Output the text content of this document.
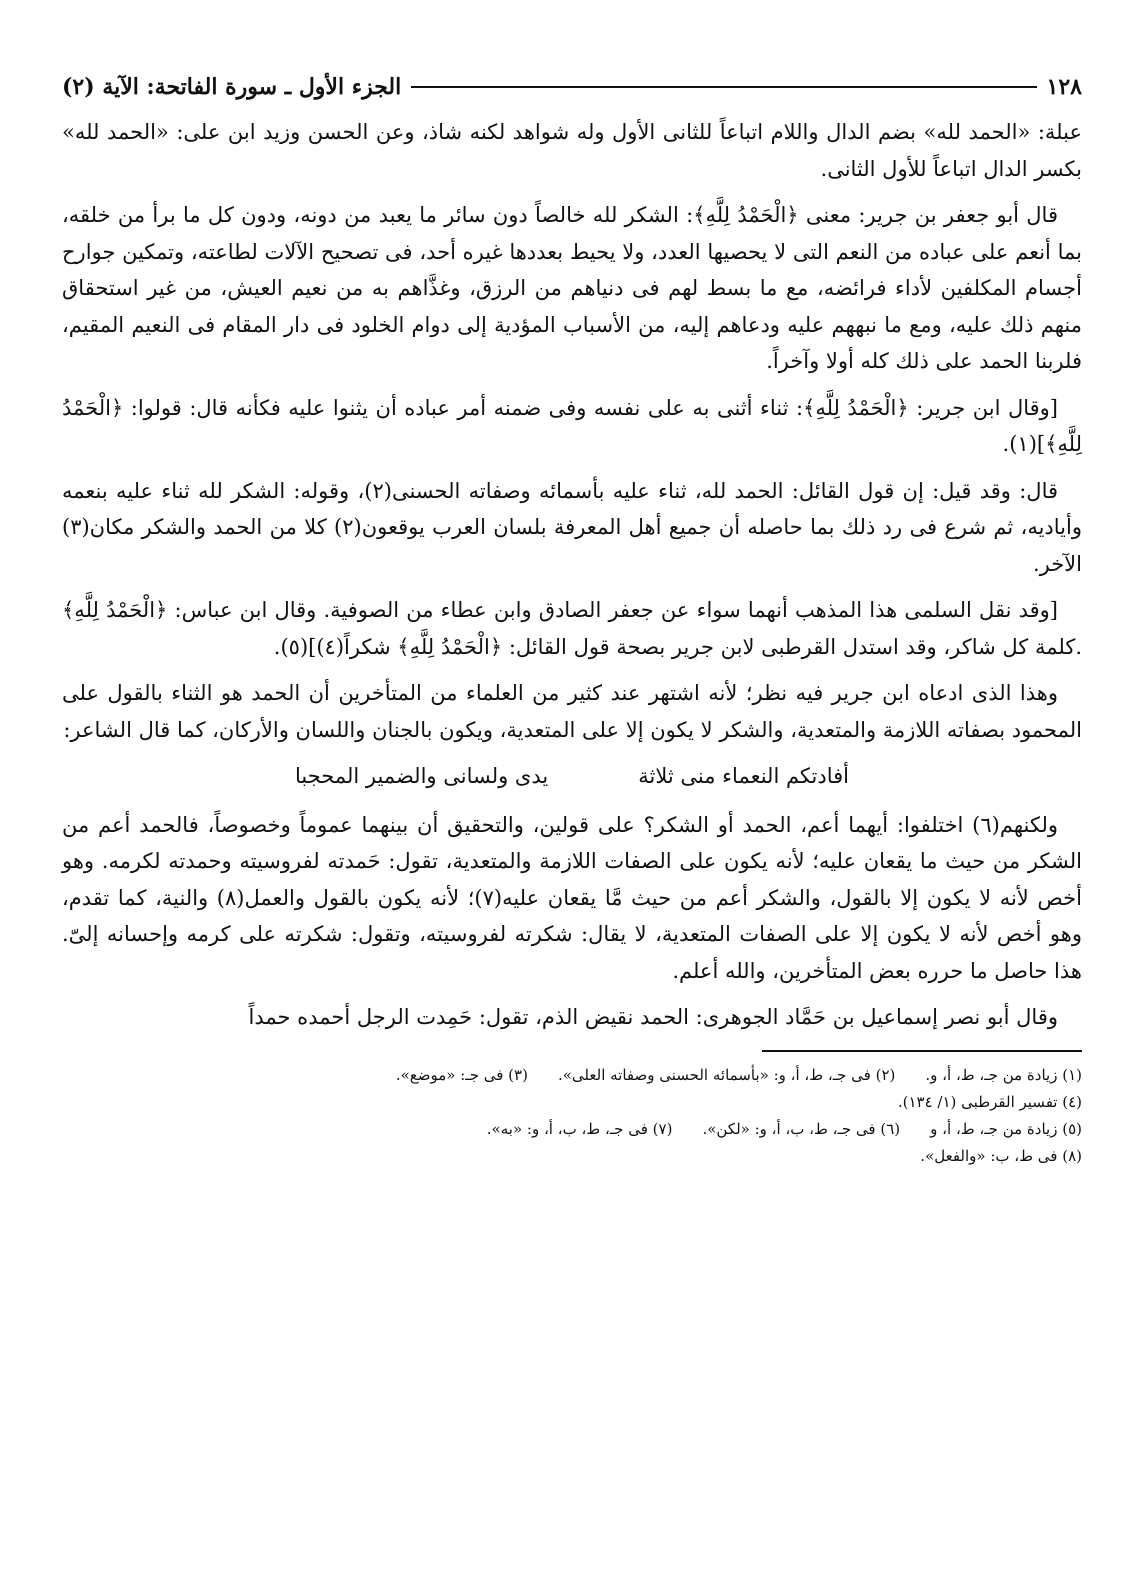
١٢٨
الجزء الأول ـ سورة الفاتحة: الآية (٢)

عبلة: «الحمد لله» بضم الدال واللام اتباعاً للثانى الأول وله شواهد لكنه شاذ، وعن الحسن وزيد ابن على: «الحمد لله» بكسر الدال اتباعاً للأول الثانى.

قال أبو جعفر بن جرير: معنى ﴿الْحَمْدُ لِلَّهِ﴾: الشكر لله خالصاً دون سائر ما يعبد من دونه، ودون كل ما برأ من خلقه، بما أنعم على عباده من النعم التى لا يحصيها العدد، ولا يحيط بعددها غيره أحد، فى تصحيح الآلات لطاعته، وتمكين جوارح أجسام المكلفين لأداء فرائضه، مع ما بسط لهم فى دنياهم من الرزق، وغذَّاهم به من نعيم العيش، من غير استحقاق منهم ذلك عليه، ومع ما نبههم عليه ودعاهم إليه، من الأسباب المؤدية إلى دوام الخلود فى دار المقام فى النعيم المقيم، فلربنا الحمد على ذلك كله أولا وآخراً.

[وقال ابن جرير: ﴿الْحَمْدُ لِلَّهِ﴾: ثناء أثنى به على نفسه وفى ضمنه أمر عباده أن يثنوا عليه فكأنه قال: قولوا: ﴿الْحَمْدُ لِلَّهِ﴾](١).

قال: وقد قيل: إن قول القائل: الحمد لله، ثناء عليه بأسمائه وصفاته الحسنى(٢)، وقوله: الشكر لله ثناء عليه بنعمه وأياديه، ثم شرع فى رد ذلك بما حاصله أن جميع أهل المعرفة بلسان العرب يوقعون(٢) كلا من الحمد والشكر مكان(٣) الآخر.

[وقد نقل السلمى هذا المذهب أنهما سواء عن جعفر الصادق وابن عطاء من الصوفية. وقال ابن عباس: ﴿الْحَمْدُ لِلَّهِ﴾ .كلمة كل شاكر، وقد استدل القرطبى لابن جرير بصحة قول القائل: ﴿الْحَمْدُ لِلَّهِ﴾ شكراً(٤)](٥).

وهذا الذى ادعاه ابن جرير فيه نظر؛ لأنه اشتهر عند كثير من العلماء من المتأخرين أن الحمد هو الثناء بالقول على المحمود بصفاته اللازمة والمتعدية، والشكر لا يكون إلا على المتعدية، ويكون بالجنان واللسان والأركان، كما قال الشاعر:

أفادتكم النعماء منى ثلاثة
يدى ولسانى والضمير المحجبا

ولكنهم(٦) اختلفوا: أيهما أعم، الحمد أو الشكر؟ على قولين، والتحقيق أن بينهما عموماً وخصوصاً، فالحمد أعم من الشكر من حيث ما يقعان عليه؛ لأنه يكون على الصفات اللازمة والمتعدية، تقول: حَمدته لفروسيته وحمدته لكرمه. وهو أخص لأنه لا يكون إلا بالقول، والشكر أعم من حيث مَّا يقعان عليه(٧)؛ لأنه يكون بالقول والعمل(٨) والنية، كما تقدم، وهو أخص لأنه لا يكون إلا على الصفات المتعدية، لا يقال: شكرته لفروسيته، وتقول: شكرته على كرمه وإحسانه إلىّ. هذا حاصل ما حرره بعض المتأخرين، والله أعلم.

وقال أبو نصر إسماعيل بن حَمَّاد الجوهرى: الحمد نقيض الذم، تقول: حَمِدت الرجل أحمده حمداً

(١) زيادة من جـ، ط، أ، و.
(٢) فى جـ، ط، أ، و: «بأسمائه الحسنى وصفاته العلى».
(٣) فى جـ: «موضع».
(٤) تفسير القرطبى (١/ ١٣٤).
(٥) زيادة من جـ، ط، أ، و
(٦) فى جـ، ط، ب، أ، و: «لكن».
(٧) فى جـ، ط، ب، أ، و: «به».
(٨) فى ط، ب: «والفعل».
